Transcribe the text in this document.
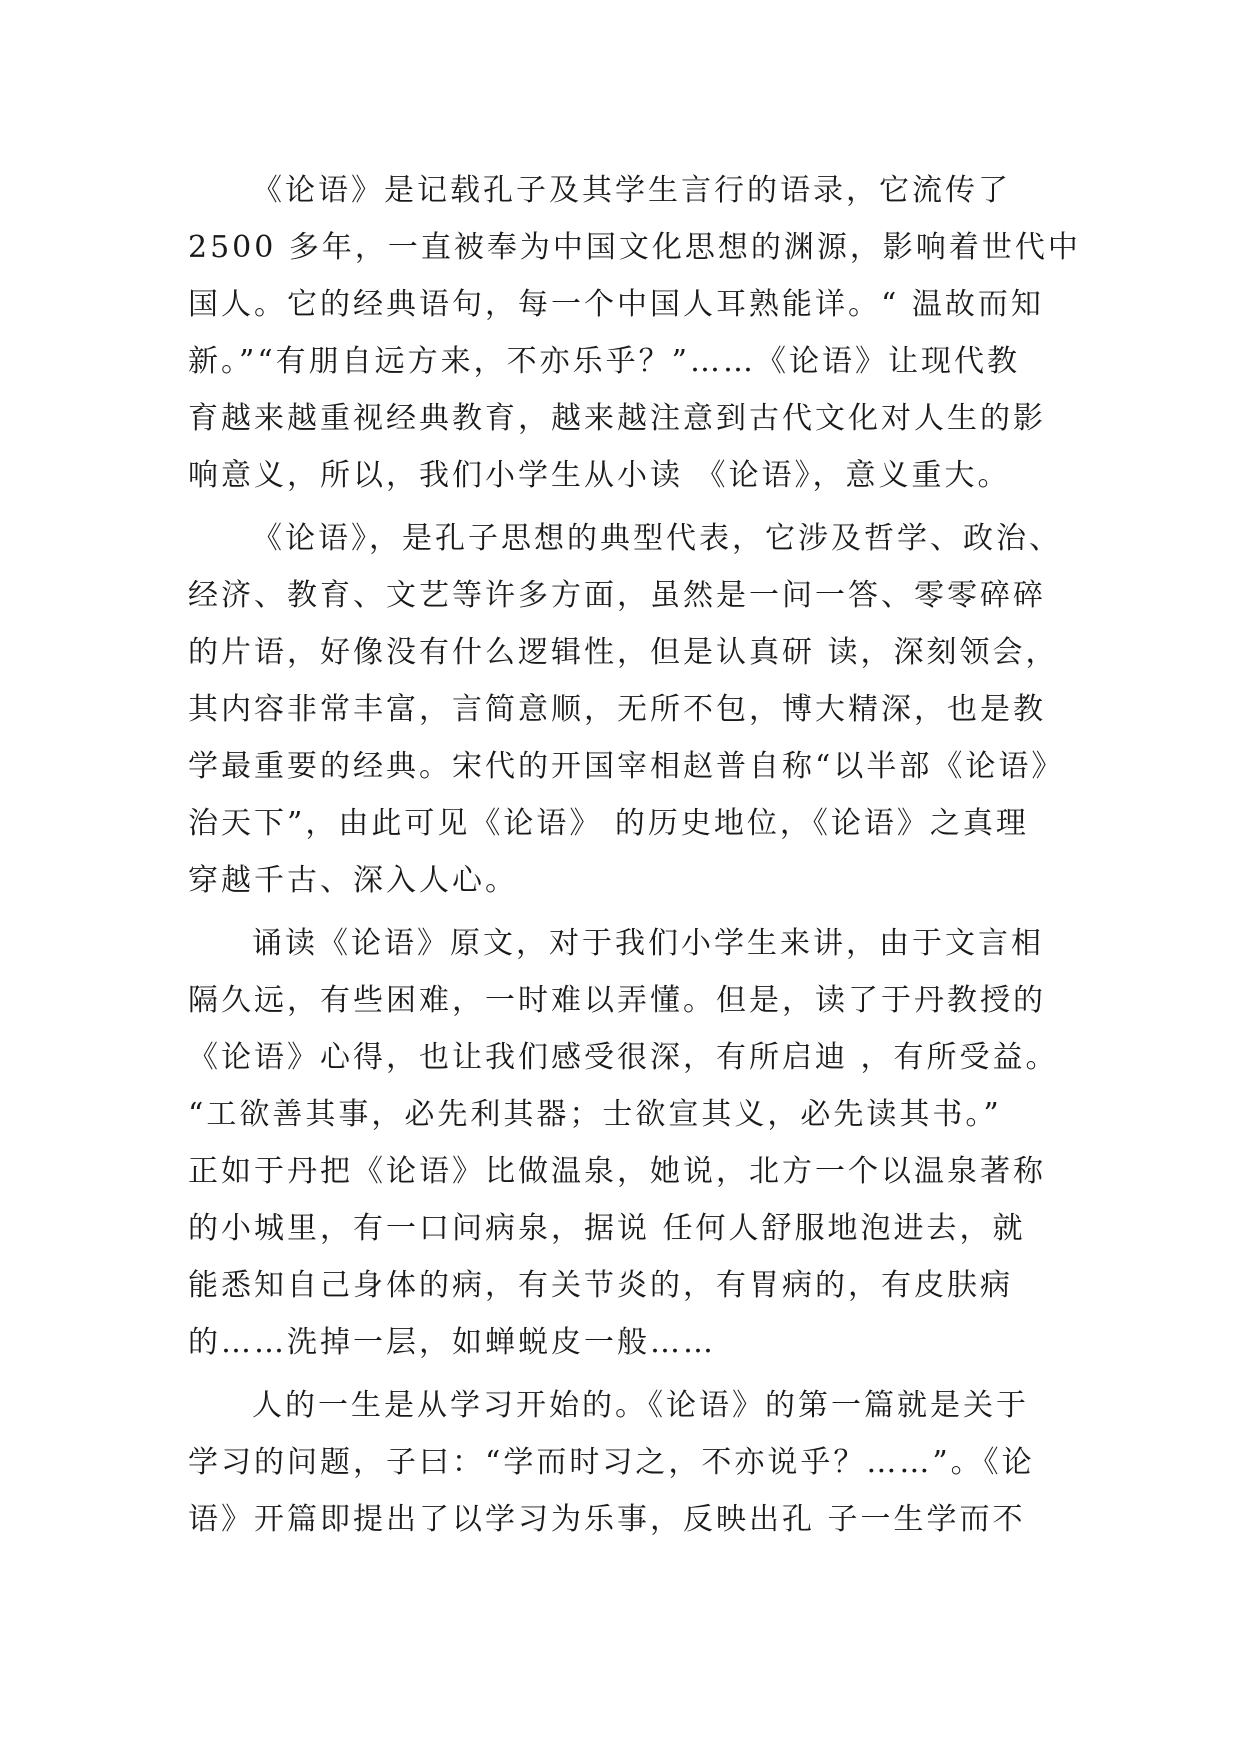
《论语》是记载孔子及其学生言行的语录，它流传了
2500 多年，一直被奉为中国文化思想的渊源，影响着世代中
国人。它的经典语句，每一个中国人耳熟能详。“ 温故而知
新。”“有朋自远方来，不亦乐乎？”……《论语》让现代教
育越来越重视经典教育，越来越注意到古代文化对人生的影
响意义，所以，我们小学生从小读 《论语》，意义重大。
《论语》，是孔子思想的典型代表，它涉及哲学、政治、
经济、教育、文艺等许多方面，虽然是一问一答、零零碎碎
的片语，好像没有什么逻辑性，但是认真研 读，深刻领会，
其内容非常丰富，言简意顺，无所不包，博大精深，也是教
学最重要的经典。宋代的开国宰相赵普自称“以半部《论语》
治天下”，由此可见《论语》 的历史地位，《论语》之真理
穿越千古、深入人心。
诵读《论语》原文，对于我们小学生来讲，由于文言相
隔久远，有些困难，一时难以弄懂。但是，读了于丹教授的
《论语》心得，也让我们感受很深，有所启迪 ，有所受益。
“工欲善其事，必先利其器；士欲宣其义，必先读其书。”
正如于丹把《论语》比做温泉，她说，北方一个以温泉著称
的小城里，有一口问病泉，据说 任何人舒服地泡进去，就
能悉知自己身体的病，有关节炎的，有胃病的，有皮肤病
的……洗掉一层，如蝉蜕皮一般……
人的一生是从学习开始的。《论语》的第一篇就是关于
学习的问题，子曰：“学而时习之，不亦说乎？……”。《论
语》开篇即提出了以学习为乐事，反映出孔 子一生学而不
